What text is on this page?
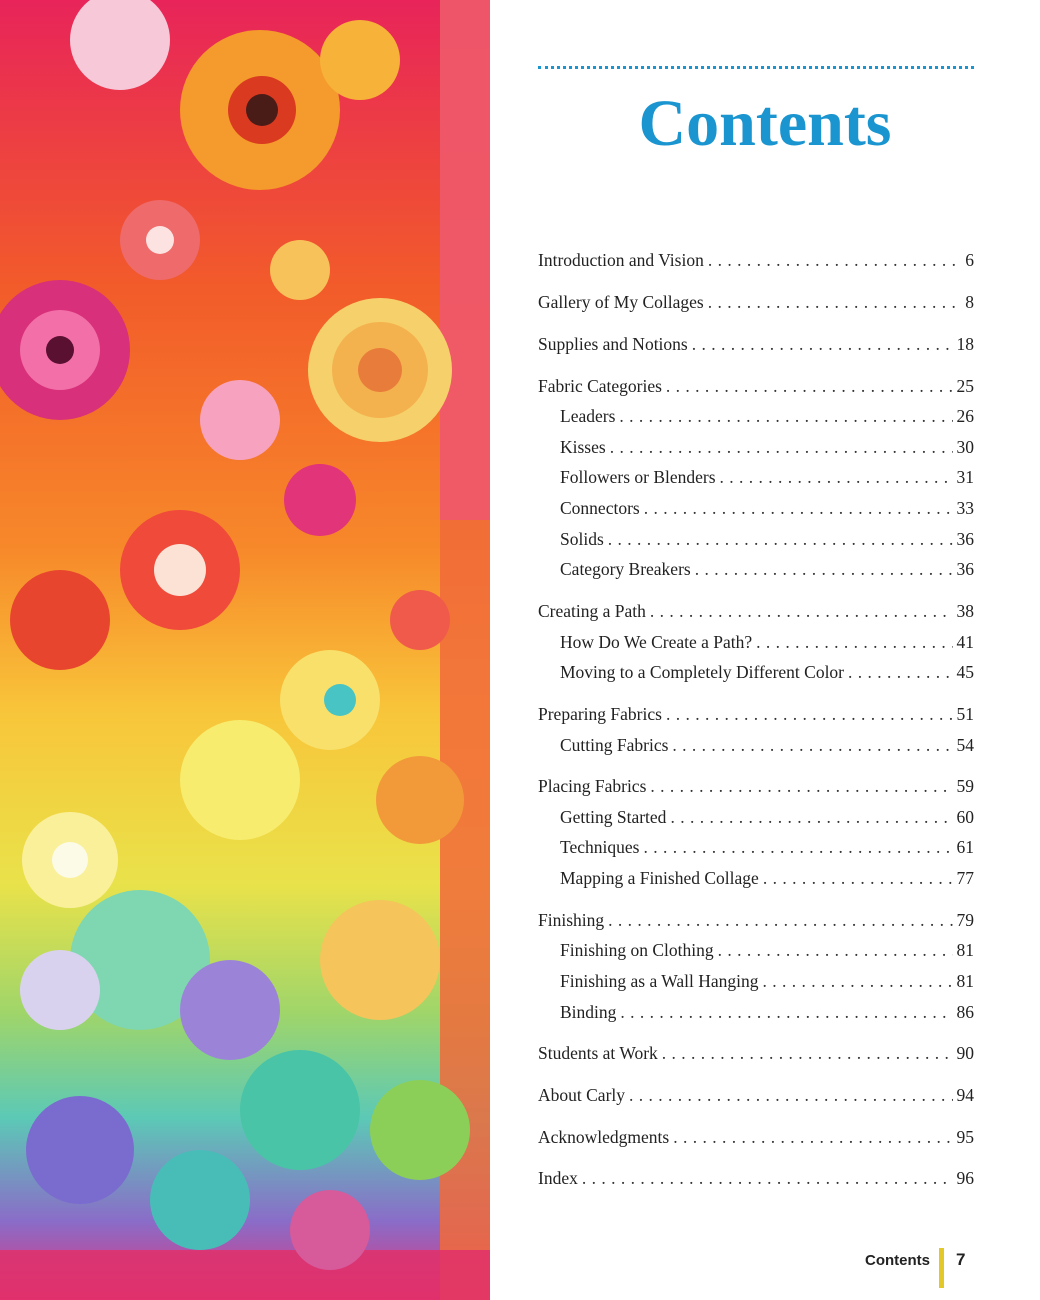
Contents
Introduction and Vision . . .	6
Gallery of My Collages . . .	8
Supplies and Notions . . .	18
Fabric Categories . . .	25
Leaders . . .	26
Kisses . . .	30
Followers or Blenders . . .	31
Connectors . . .	33
Solids . . .	36
Category Breakers . . .	36
Creating a Path . . .	38
How Do We Create a Path? . . .	41
Moving to a Completely Different Color . . .	45
Preparing Fabrics . . .	51
Cutting Fabrics . . .	54
Placing Fabrics . . .	59
Getting Started . . .	60
Techniques . . .	61
Mapping a Finished Collage . . .	77
Finishing . . .	79
Finishing on Clothing . . .	81
Finishing as a Wall Hanging . . .	81
Binding . . .	86
Students at Work . . .	90
About Carly . . .	94
Acknowledgments . . .	95
Index . . .	96
Contents 7
